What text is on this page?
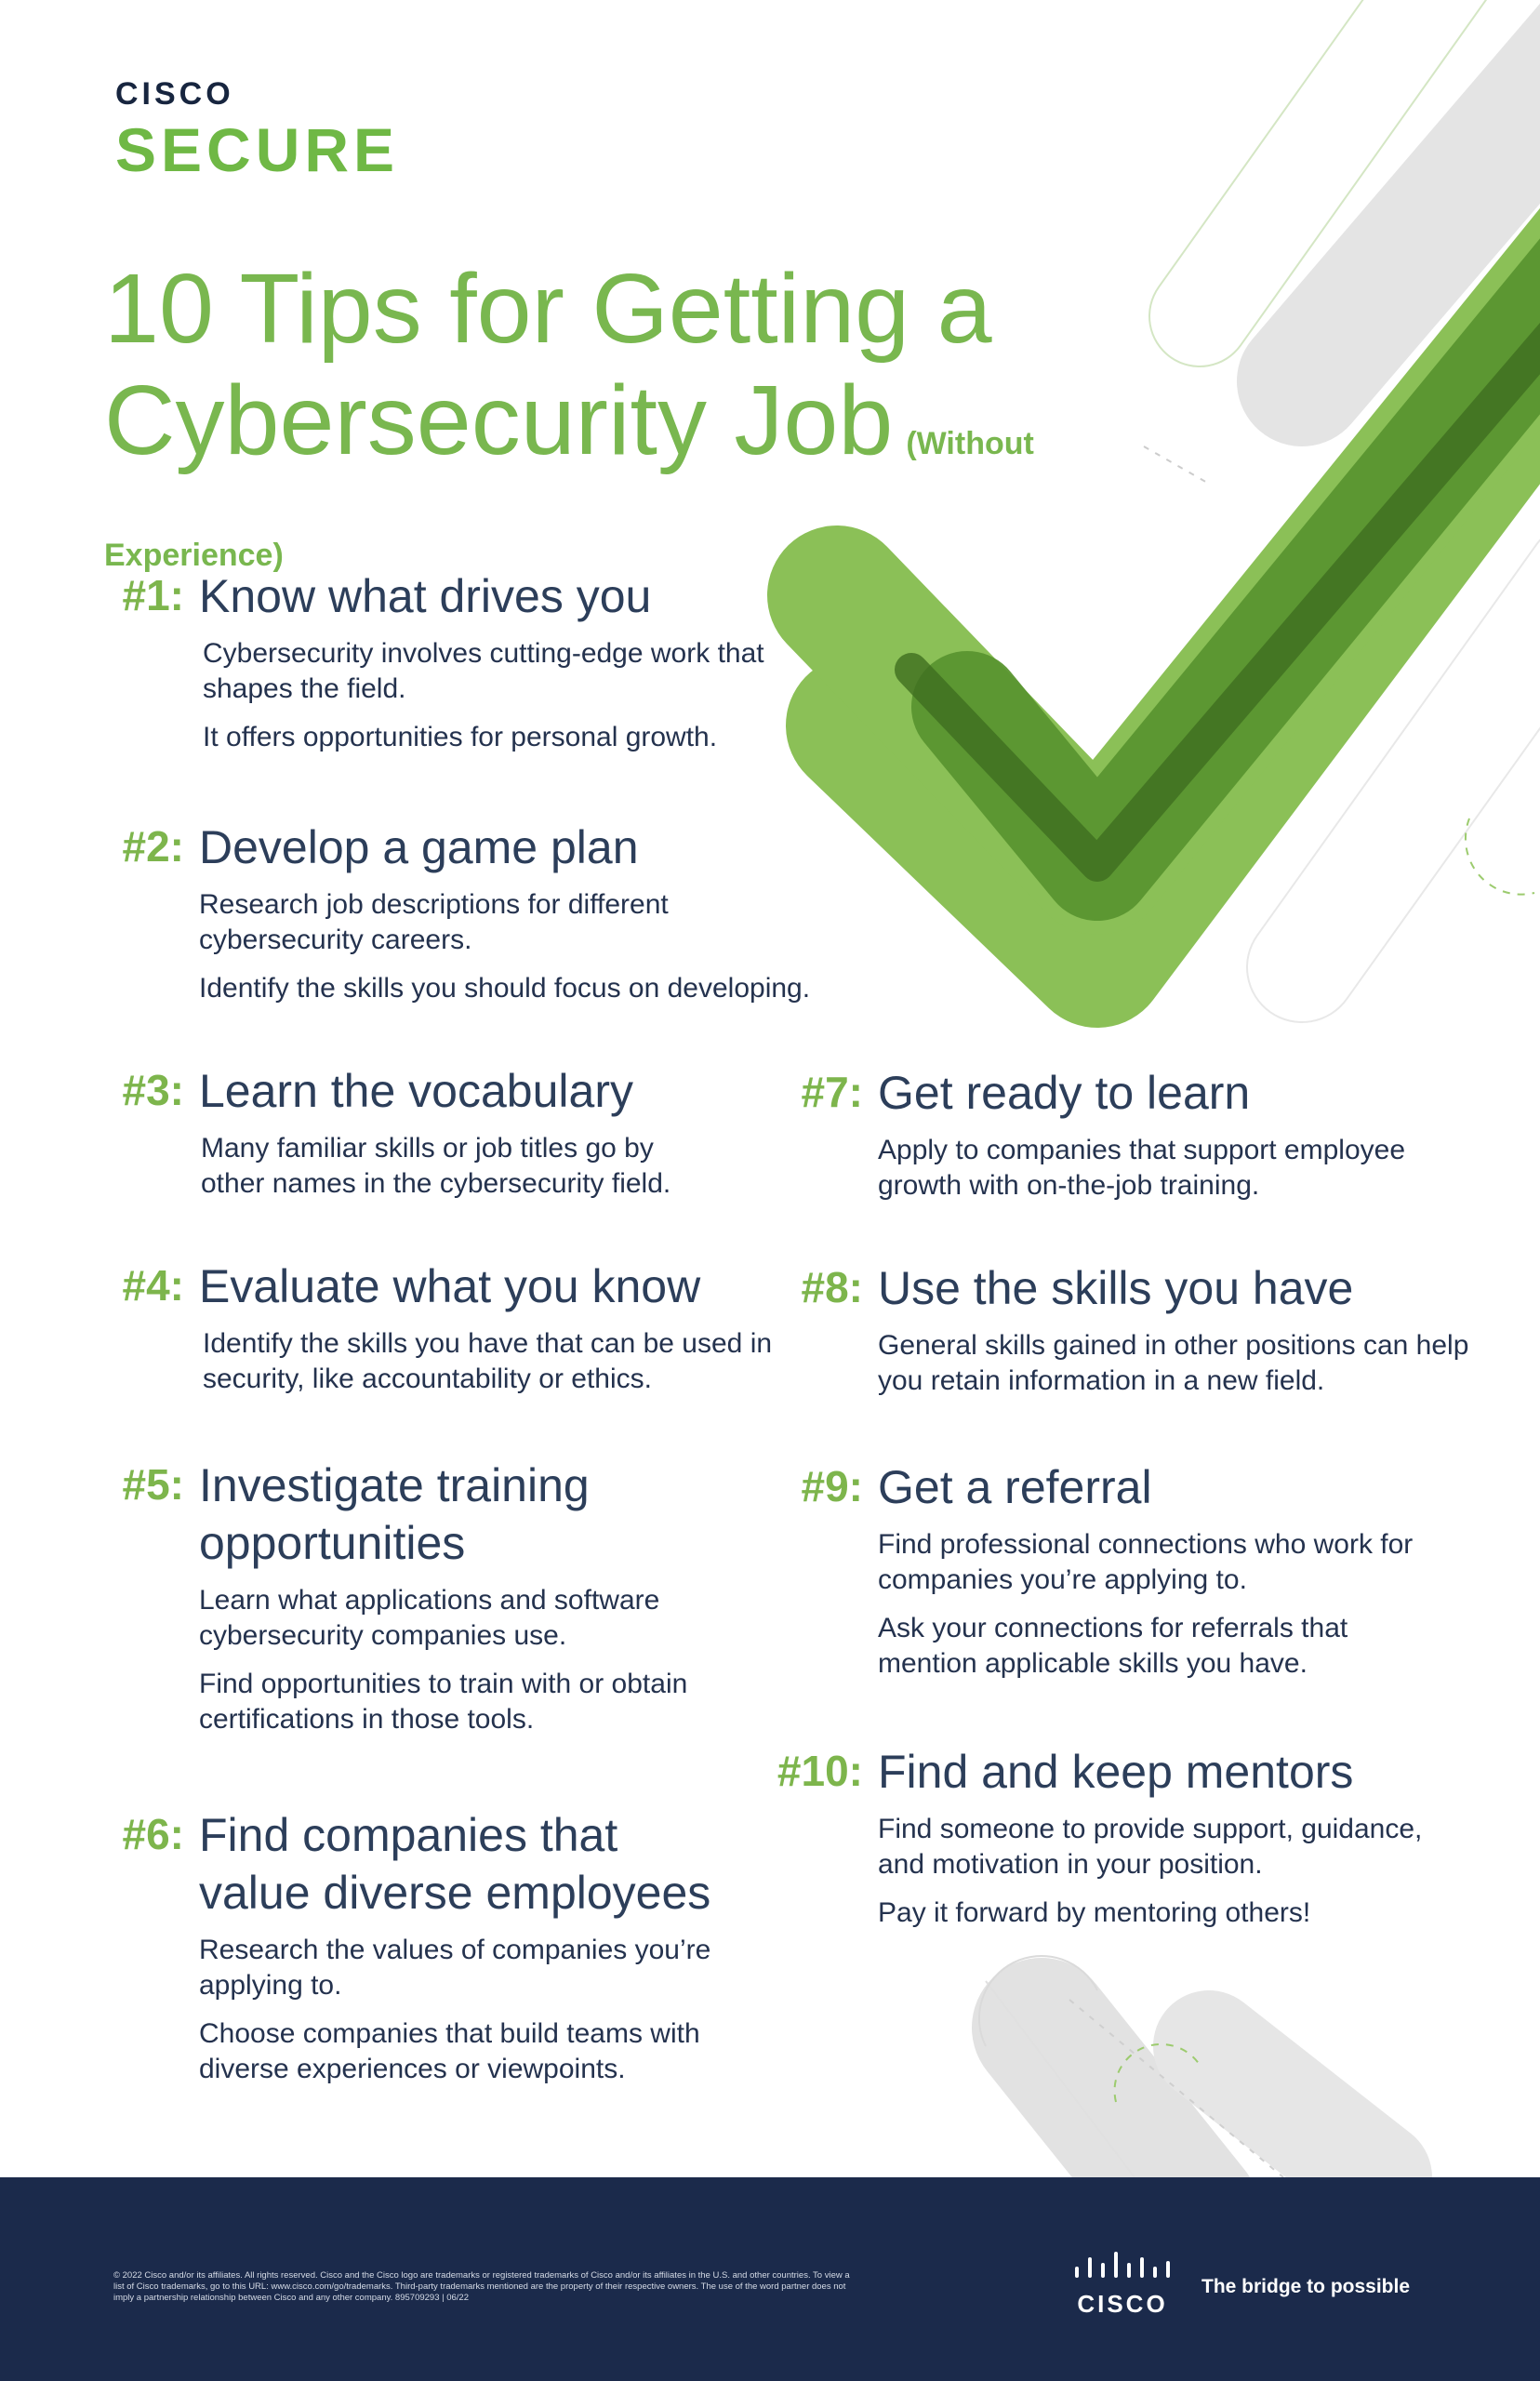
CISCO
SECURE
10 Tips for Getting a
Cybersecurity Job (Without Experience)
#1: Know what drives you

Cybersecurity involves cutting-edge work that shapes the field.

It offers opportunities for personal growth.

#2: Develop a game plan

Research job descriptions for different cybersecurity careers.

Identify the skills you should focus on developing.

#3: Learn the vocabulary

Many familiar skills or job titles go by other names in the cybersecurity field.

#4: Evaluate what you know

Identify the skills you have that can be used in security, like accountability or ethics.

#5: Investigate training
opportunities

Learn what applications and software cybersecurity companies use.

Find opportunities to train with or obtain certifications in those tools.

#6: Find companies that
value diverse employees

Research the values of companies you’re applying to.

Choose companies that build teams with diverse experiences or viewpoints.

#7: Get ready to learn

Apply to companies that support employee growth with on-the-job training.

#8: Use the skills you have

General skills gained in other positions can help you retain information in a new field.

#9: Get a referral

Find professional connections who work for companies you’re applying to.

Ask your connections for referrals that mention applicable skills you have.

#10: Find and keep mentors

Find someone to provide support, guidance, and motivation in your position.

Pay it forward by mentoring others!

© 2022 Cisco and/or its affiliates. All rights reserved. Cisco and the Cisco logo are trademarks or registered trademarks of Cisco and/or its affiliates in the U.S. and other countries. To view a list of Cisco trademarks, go to this URL: www.cisco.com/go/trademarks. Third-party trademarks mentioned are the property of their respective owners. The use of the word partner does not imply a partnership relationship between Cisco and any other company. 895709293 | 06/22	CISCO
The bridge to possible
